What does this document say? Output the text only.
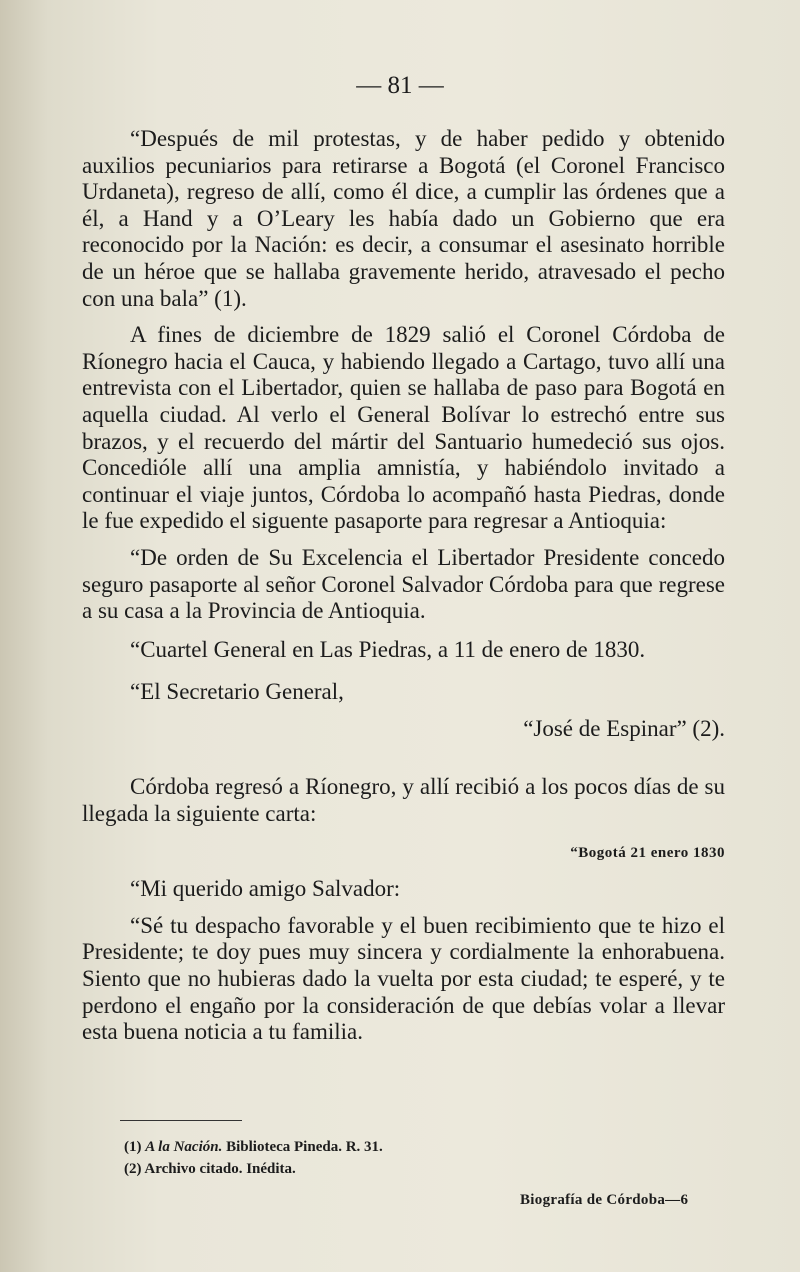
— 81 —

“Después de mil protestas, y de haber pedido y obtenido auxilios pecuniarios para retirarse a Bogotá (el Coronel Francisco Urdaneta), regreso de allí, como él dice, a cumplir las órdenes que a él, a Hand y a O’Leary les había dado un Gobierno que era reconocido por la Nación: es decir, a consumar el asesinato horrible de un héroe que se hallaba gravemente herido, atravesado el pecho con una bala” (1).

A fines de diciembre de 1829 salió el Coronel Córdoba de Ríonegro hacia el Cauca, y habiendo llegado a Cartago, tuvo allí una entrevista con el Libertador, quien se hallaba de paso para Bogotá en aquella ciudad. Al verlo el General Bolívar lo estrechó entre sus brazos, y el recuerdo del mártir del Santuario humedeció sus ojos. Concedióle allí una amplia amnistía, y habiéndolo invitado a continuar el viaje juntos, Córdoba lo acompañó hasta Piedras, donde le fue expedido el siguente pasaporte para regresar a Antioquia:

“De orden de Su Excelencia el Libertador Presidente concedo seguro pasaporte al señor Coronel Salvador Córdoba para que regrese a su casa a la Provincia de Antioquia.

“Cuartel General en Las Piedras, a 11 de enero de 1830.

“El Secretario General,

“José de Espinar” (2).

Córdoba regresó a Ríonegro, y allí recibió a los pocos días de su llegada la siguiente carta:

“Bogotá 21 enero 1830

“Mi querido amigo Salvador:

“Sé tu despacho favorable y el buen recibimiento que te hizo el Presidente; te doy pues muy sincera y cordialmente la enhorabuena. Siento que no hubieras dado la vuelta por esta ciudad; te esperé, y te perdono el engaño por la consideración de que debías volar a llevar esta buena noticia a tu familia.

(1) A la Nación. Biblioteca Pineda. R. 31.

(2) Archivo citado. Inédita.

Biografía de Córdoba—6
